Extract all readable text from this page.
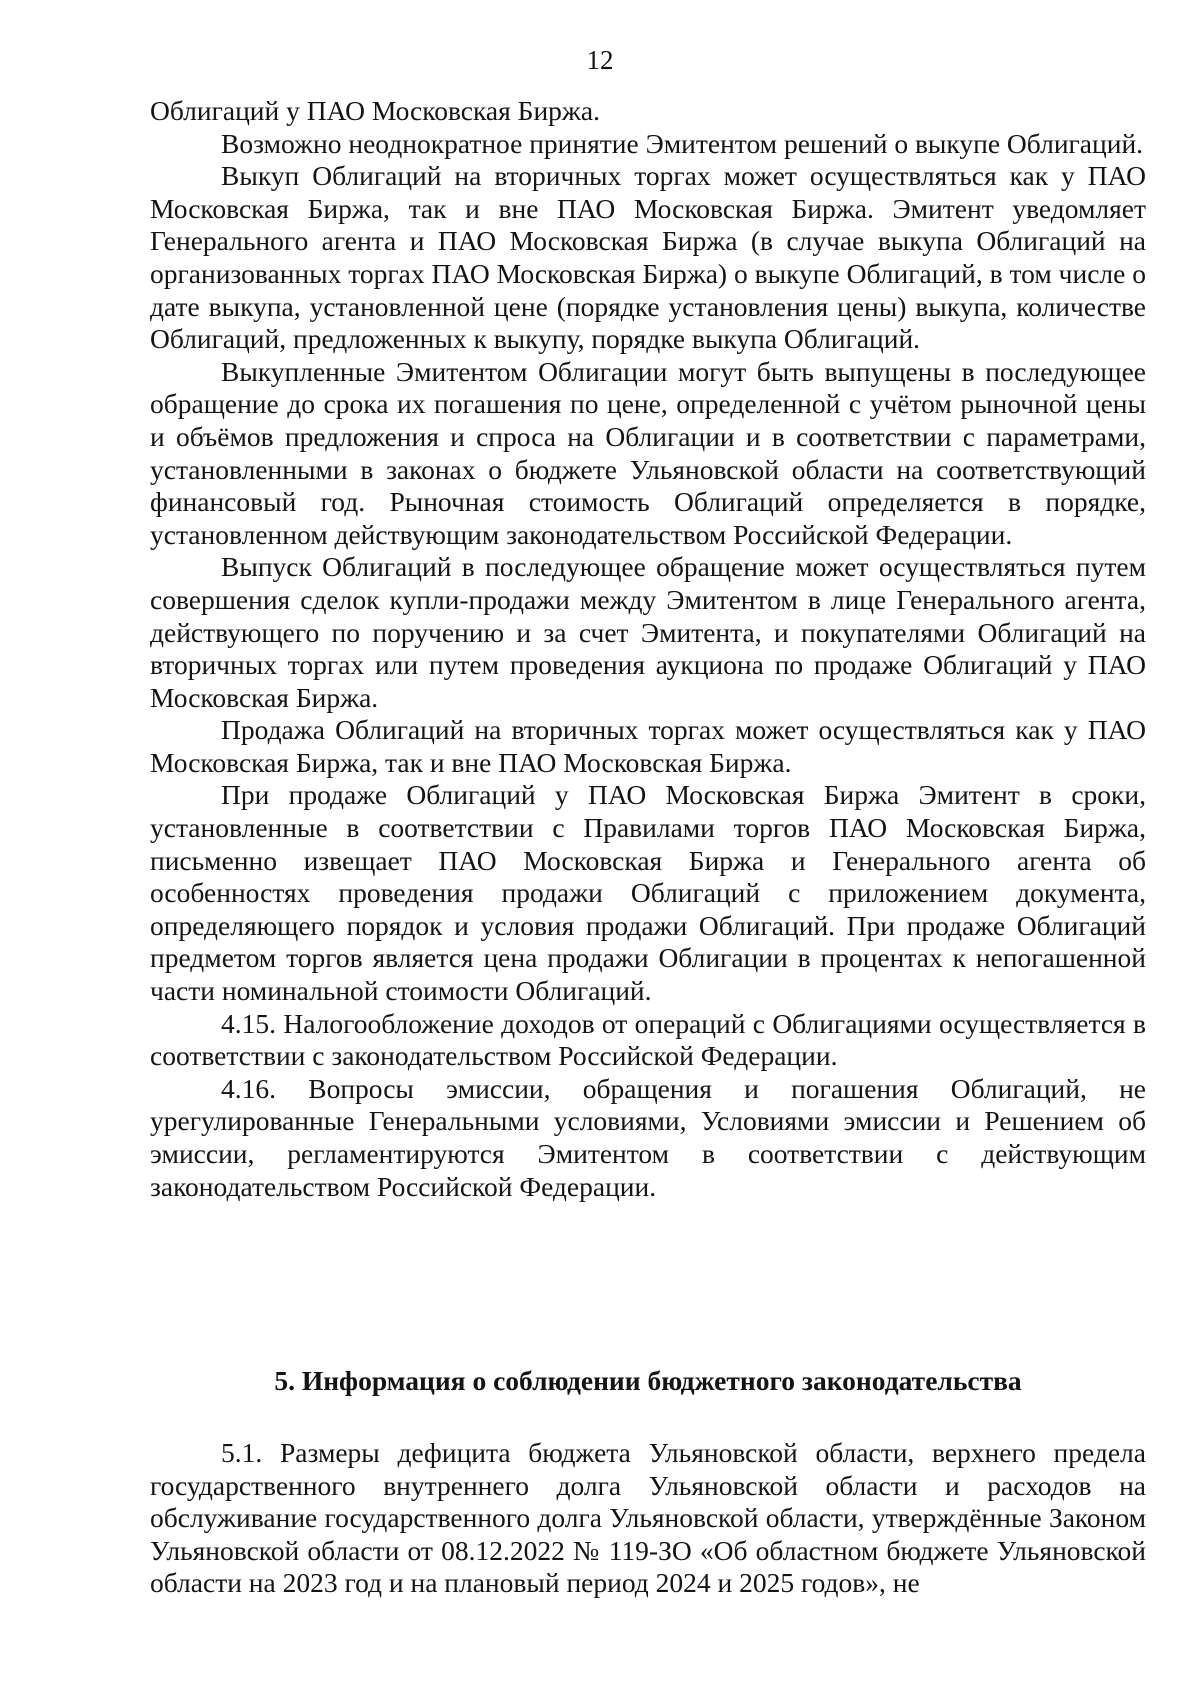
12

Облигаций у ПАО Московская Биржа.

Возможно неоднократное принятие Эмитентом решений о выкупе Облигаций.

Выкуп Облигаций на вторичных торгах может осуществляться как у ПАО Московская Биржа, так и вне ПАО Московская Биржа. Эмитент уведомляет Генерального агента и ПАО Московская Биржа (в случае выкупа Облигаций на организованных торгах ПАО Московская Биржа) о выкупе Облигаций, в том числе о дате выкупа, установленной цене (порядке установления цены) выкупа, количестве Облигаций, предложенных к выкупу, порядке выкупа Облигаций.

Выкупленные Эмитентом Облигации могут быть выпущены в последующее обращение до срока их погашения по цене, определенной с учётом рыночной цены и объёмов предложения и спроса на Облигации и в соответствии с параметрами, установленными в законах о бюджете Ульяновской области на соответствующий финансовый год. Рыночная стоимость Облигаций определяется в порядке, установленном действующим законодательством Российской Федерации.

Выпуск Облигаций в последующее обращение может осуществляться путем совершения сделок купли-продажи между Эмитентом в лице Генерального агента, действующего по поручению и за счет Эмитента, и покупателями Облигаций на вторичных торгах или путем проведения аукциона по продаже Облигаций у ПАО Московская Биржа.

Продажа Облигаций на вторичных торгах может осуществляться как у ПАО Московская Биржа, так и вне ПАО Московская Биржа.

При продаже Облигаций у ПАО Московская Биржа Эмитент в сроки, установленные в соответствии с Правилами торгов ПАО Московская Биржа, письменно извещает ПАО Московская Биржа и Генерального агента об особенностях проведения продажи Облигаций с приложением документа, определяющего порядок и условия продажи Облигаций. При продаже Облигаций предметом торгов является цена продажи Облигации в процентах к непогашенной части номинальной стоимости Облигаций.

4.15. Налогообложение доходов от операций с Облигациями осуществляется в соответствии с законодательством Российской Федерации.

4.16. Вопросы эмиссии, обращения и погашения Облигаций, не урегулированные Генеральными условиями, Условиями эмиссии и Решением об эмиссии, регламентируются Эмитентом в соответствии с действующим законодательством Российской Федерации.

5. Информация о соблюдении бюджетного законодательства

5.1. Размеры дефицита бюджета Ульяновской области, верхнего предела государственного внутреннего долга Ульяновской области и расходов на обслуживание государственного долга Ульяновской области, утверждённые Законом Ульяновской области от 08.12.2022 № 119-ЗО «Об областном бюджете Ульяновской области на 2023 год и на плановый период 2024 и 2025 годов», не
